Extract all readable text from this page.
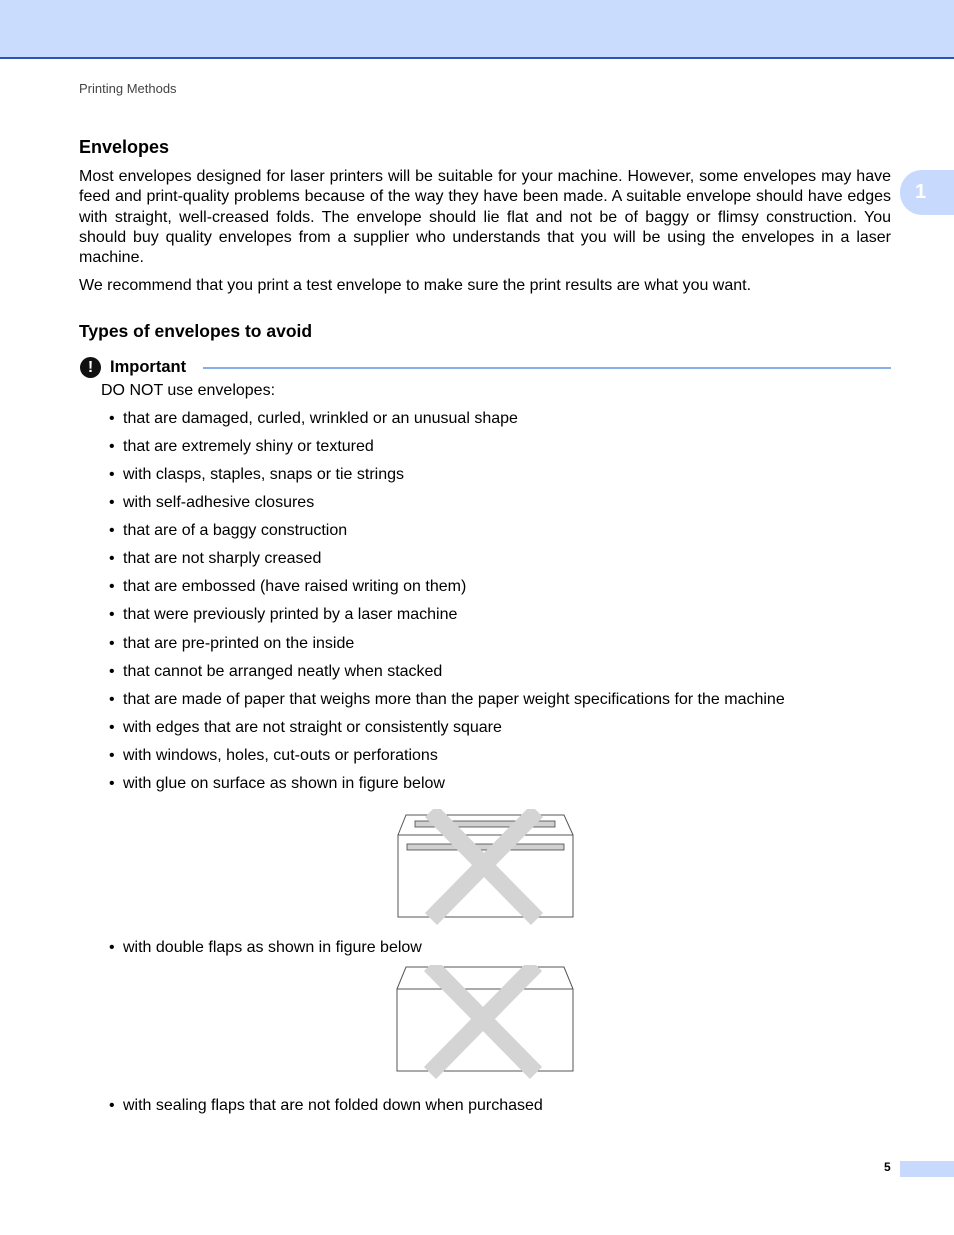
Printing Methods
1
Envelopes

Most envelopes designed for laser printers will be suitable for your machine. However, some envelopes may have feed and print-quality problems because of the way they have been made. A suitable envelope should have edges with straight, well-creased folds. The envelope should lie flat and not be of baggy or flimsy construction. You should buy quality envelopes from a supplier who understands that you will be using the envelopes in a laser machine.

We recommend that you print a test envelope to make sure the print results are what you want.

Types of envelopes to avoid
!	Important
DO NOT use envelopes:
• that are damaged, curled, wrinkled or an unusual shape
• that are extremely shiny or textured
• with clasps, staples, snaps or tie strings
• with self-adhesive closures
• that are of a baggy construction
• that are not sharply creased
• that are embossed (have raised writing on them)
• that were previously printed by a laser machine
• that are pre-printed on the inside
• that cannot be arranged neatly when stacked
• that are made of paper that weighs more than the paper weight specifications for the machine
• with edges that are not straight or consistently square
• with windows, holes, cut-outs or perforations
• with glue on surface as shown in figure below
• with double flaps as shown in figure below
• with sealing flaps that are not folded down when purchased
5
